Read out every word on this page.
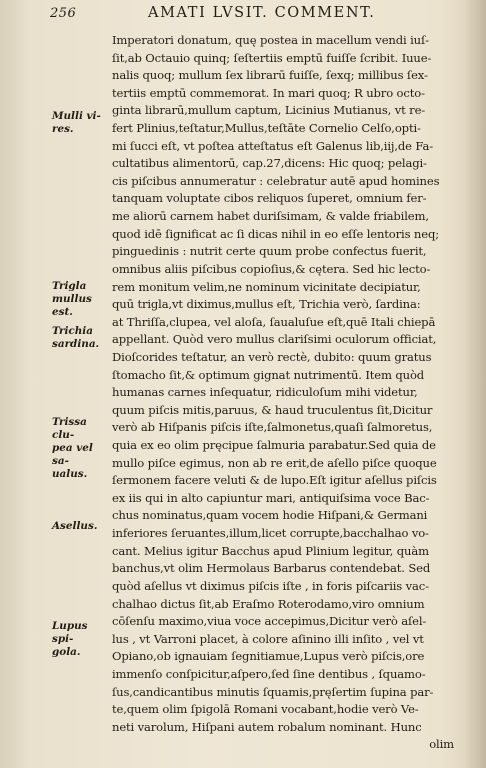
256	AMATI LVSIT. COMMENT.
Mulli vi-
res.
Trigla
mullus est.
Trichia
sardina.
Trissa clu-
pea vel sa-
ualus.
Asellus.
Lupus spi-
gola.
Imperatori donatum, quę postea in macellum vendi iuſ-
ſit,ab Octauio quinq; ſeſtertiis emptū fuiſſe ſcribit. Iuue-
nalis quoq; mullum ſex librarū fuiſſe, ſexq; millibus ſex-
tertiis emptū commemorat. In mari quoq; R ubro octo-
ginta librarū,mullum captum, Licinius Mutianus, vt re-
fert Plinius,teſtatur,Mullus,teſtāte Cornelio Celſo,opti-
mi ſucci eſt, vt poſtea atteſtatus eſt Galenus lib,iij,de Fa-
cultatibus alimentorū, cap.27,dicens: Hic quoq; pelagi-
cis piſcibus annumeratur : celebratur autē apud homines
tanquam voluptate cibos reliquos ſuperet, omnium fer-
me aliorū carnem habet duriſsimam, & valde friabilem,
quod idē ſignificat ac ſi dicas nihil in eo eſſe lentoris neq;
pinguedinis : nutrit certe quum probe confectus fuerit,
omnibus aliis piſcibus copioſius,& cętera. Sed hic lecto-
rem monitum velim,ne nominum vicinitate decipiatur,
quū trigla,vt diximus,mullus eſt, Trichia verò, ſardina:
at Thriſſa,clupea, vel aloſa, ſaualuſue eſt,quē Itali chiepā
appellant. Quòd vero mullus clariſsimi oculorum officiat,
Dioſcorides teſtatur, an verò rectè, dubito: quum gratus
ſtomacho ſit,& optimum gignat nutrimentū. Item quòd
humanas carnes inſequatur, ridiculoſum mihi videtur,
quum piſcis mitis,paruus, & haud truculentus ſit,Dicitur
verò ab Hiſpanis piſcis iſte,ſalmonetus,quaſi ſalmoretus,
quia ex eo olim pręcipue ſalmuria parabatur.Sed quia de
mullo piſce egimus, non ab re erit,de aſello piſce quoque
ſermonem facere veluti & de lupo.Eſt igitur aſellus piſcis
ex iis qui in alto capiuntur mari, antiquiſsima voce Bac-
chus nominatus,quam vocem hodie Hiſpani,& Germani
inferiores ſeruantes,illum,licet corrupte,bacchalhao vo-
cant. Melius igitur Bacchus apud Plinium legitur, quàm
banchus,vt olim Hermolaus Barbarus contendebat. Sed
quòd aſellus vt diximus piſcis iſte , in foris piſcariis vac-
chalhao dictus ſit,ab Eraſmo Roterodamo,viro omnium
cōſenſu maximo,viua voce accepimus,Dicitur verò aſel-
lus , vt Varroni placet, à colore aſinino illi inſito , vel vt
Opiano,ob ignauiam ſegnitiamue,Lupus verò piſcis,ore
immenſo conſpicitur,aſpero,ſed ſine dentibus , ſquamo-
ſus,candicantibus minutis ſquamis,pręſertim ſupina par-
te,quem olim ſpigolā Romani vocabant,hodie verò Ve-
neti varolum, Hiſpani autem robalum nominant. Hunc
olim
